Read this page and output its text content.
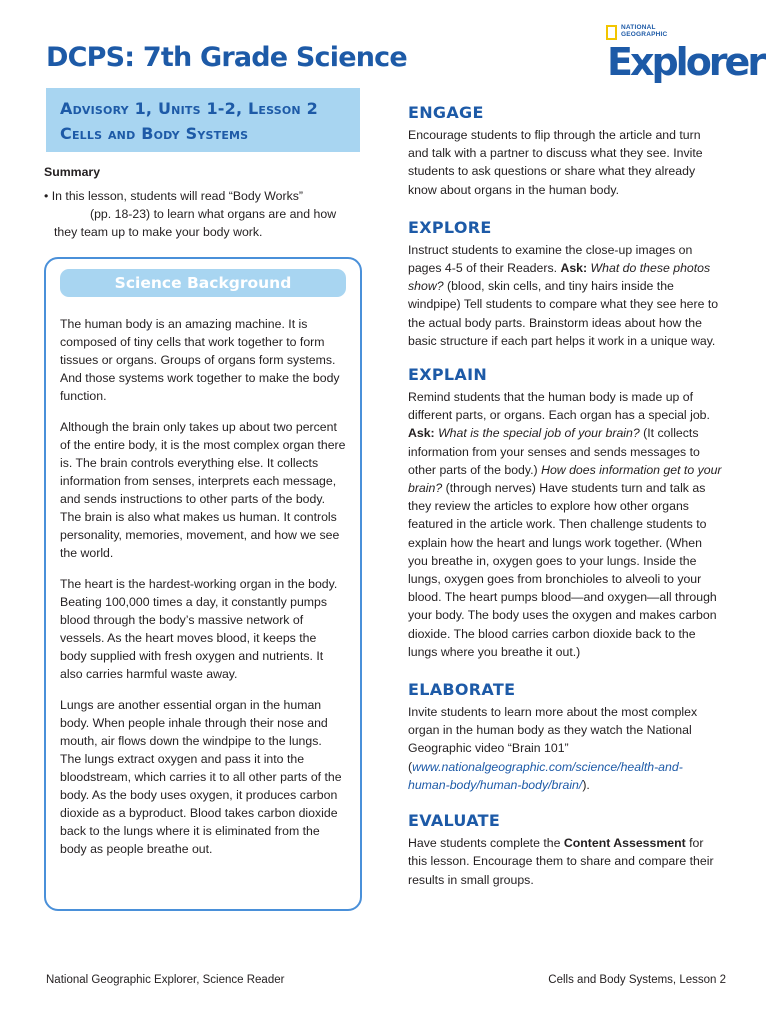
DCPS: 7th Grade Science
NATIONAL
GEOGRAPHIC
Explorer
Advisory 1, Units 1-2, Lesson 2
Cells and Body Systems
Summary
• In this lesson, students will read “Body Works”
(pp. 18-23) to learn what organs are and how they team up to make your body work.
Science Background

The human body is an amazing machine. It is composed of tiny cells that work together to form tissues or organs. Groups of organs form systems. And those systems work together to make the body function.

Although the brain only takes up about two percent of the entire body, it is the most complex organ there is. The brain controls everything else. It collects information from senses, interprets each message, and sends instructions to other parts of the body. The brain is also what makes us human. It controls personality, memories, movement, and how we see the world.

The heart is the hardest-working organ in the body. Beating 100,000 times a day, it constantly pumps blood through the body’s massive network of vessels. As the heart moves blood, it keeps the body supplied with fresh oxygen and nutrients. It also carries harmful waste away.

Lungs are another essential organ in the human body. When people inhale through their nose and mouth, air flows down the windpipe to the lungs. The lungs extract oxygen and pass it into the bloodstream, which carries it to all other parts of the body. As the body uses oxygen, it produces carbon dioxide as a byproduct. Blood takes carbon dioxide back to the lungs where it is eliminated from the body as people breathe out.

ENGAGE

Encourage students to flip through the article and turn and talk with a partner to discuss what they see. Invite students to ask questions or share what they already know about organs in the human body.

EXPLORE

Instruct students to examine the close-up images on pages 4-5 of their Readers. Ask: What do these photos show? (blood, skin cells, and tiny hairs inside the windpipe) Tell students to compare what they see here to the actual body parts. Brainstorm ideas about how the basic structure if each part helps it work in a unique way.

EXPLAIN

Remind students that the human body is made up of different parts, or organs. Each organ has a special job. Ask: What is the special job of your brain? (It collects information from your senses and sends messages to other parts of the body.) How does information get to your brain? (through nerves) Have students turn and talk as they review the articles to explore how other organs featured in the article work. Then challenge students to explain how the heart and lungs work together. (When you breathe in, oxygen goes to your lungs. Inside the lungs, oxygen goes from bronchioles to alveoli to your blood. The heart pumps blood—and oxygen—all through your body. The body uses the oxygen and makes carbon dioxide. The blood carries carbon dioxide back to the lungs where you breathe it out.)

ELABORATE

Invite students to learn more about the most complex organ in the human body as they watch the National Geographic video “Brain 101” (www.nationalgeographic.com/science/health-and-human-body/human-body/brain/).

EVALUATE

Have students complete the Content Assessment for this lesson. Encourage them to share and compare their results in small groups.

National Geographic Explorer, Science Reader	Cells and Body Systems, Lesson 2
